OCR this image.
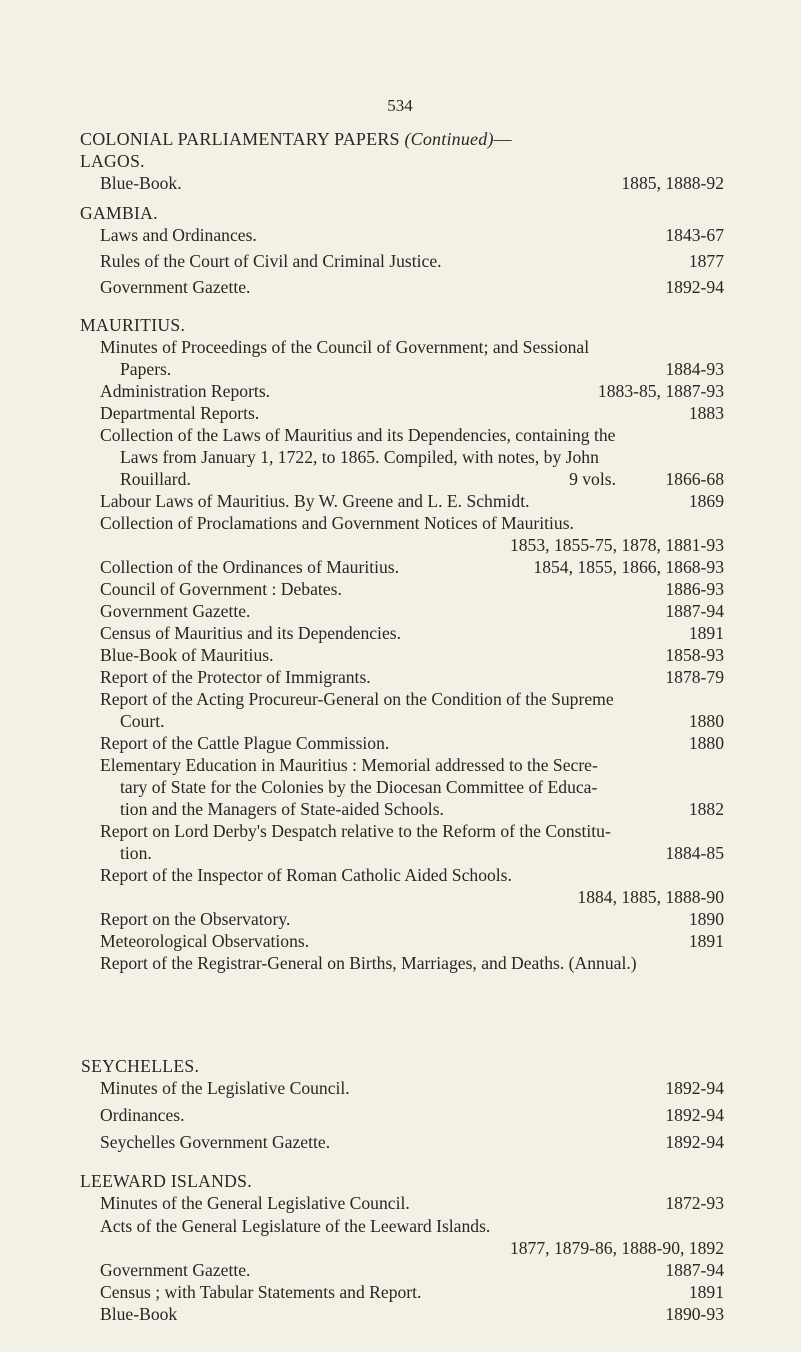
534
COLONIAL PARLIAMENTARY PAPERS (Continued)—
LAGOS.
Blue-Book.	1885, 1888-92
GAMBIA.
Laws and Ordinances.	1843-67
Rules of the Court of Civil and Criminal Justice.	1877
Government Gazette.	1892-94
MAURITIUS.
Minutes of Proceedings of the Council of Government; and Sessional
Papers.	1884-93
Administration Reports.	1883-85, 1887-93
Departmental Reports.	1883
Collection of the Laws of Mauritius and its Dependencies, containing the
Laws from January 1, 1722, to 1865. Compiled, with notes, by John
Rouillard.	9 vols.	1866-68
Labour Laws of Mauritius. By W. Greene and L. E. Schmidt.	1869
Collection of Proclamations and Government Notices of Mauritius.
1853, 1855-75, 1878, 1881-93
Collection of the Ordinances of Mauritius.	1854, 1855, 1866, 1868-93
Council of Government : Debates.	1886-93
Government Gazette.	1887-94
Census of Mauritius and its Dependencies.	1891
Blue-Book of Mauritius.	1858-93
Report of the Protector of Immigrants.	1878-79
Report of the Acting Procureur-General on the Condition of the Supreme
Court.	1880
Report of the Cattle Plague Commission.	1880
Elementary Education in Mauritius : Memorial addressed to the Secre-
tary of State for the Colonies by the Diocesan Committee of Educa-
tion and the Managers of State-aided Schools.	1882
Report on Lord Derby's Despatch relative to the Reform of the Constitu-
tion.	1884-85
Report of the Inspector of Roman Catholic Aided Schools.
1884, 1885, 1888-90
Report on the Observatory.	1890
Meteorological Observations.	1891
Report of the Registrar-General on Births, Marriages, and Deaths. (Annual.)
SEYCHELLES.
Minutes of the Legislative Council.	1892-94
Ordinances.	1892-94
Seychelles Government Gazette.	1892-94
LEEWARD ISLANDS.
Minutes of the General Legislative Council.	1872-93
Acts of the General Legislature of the Leeward Islands.
1877, 1879-86, 1888-90, 1892
Government Gazette.	1887-94
Census ; with Tabular Statements and Report.	1891
Blue-Book	1890-93
